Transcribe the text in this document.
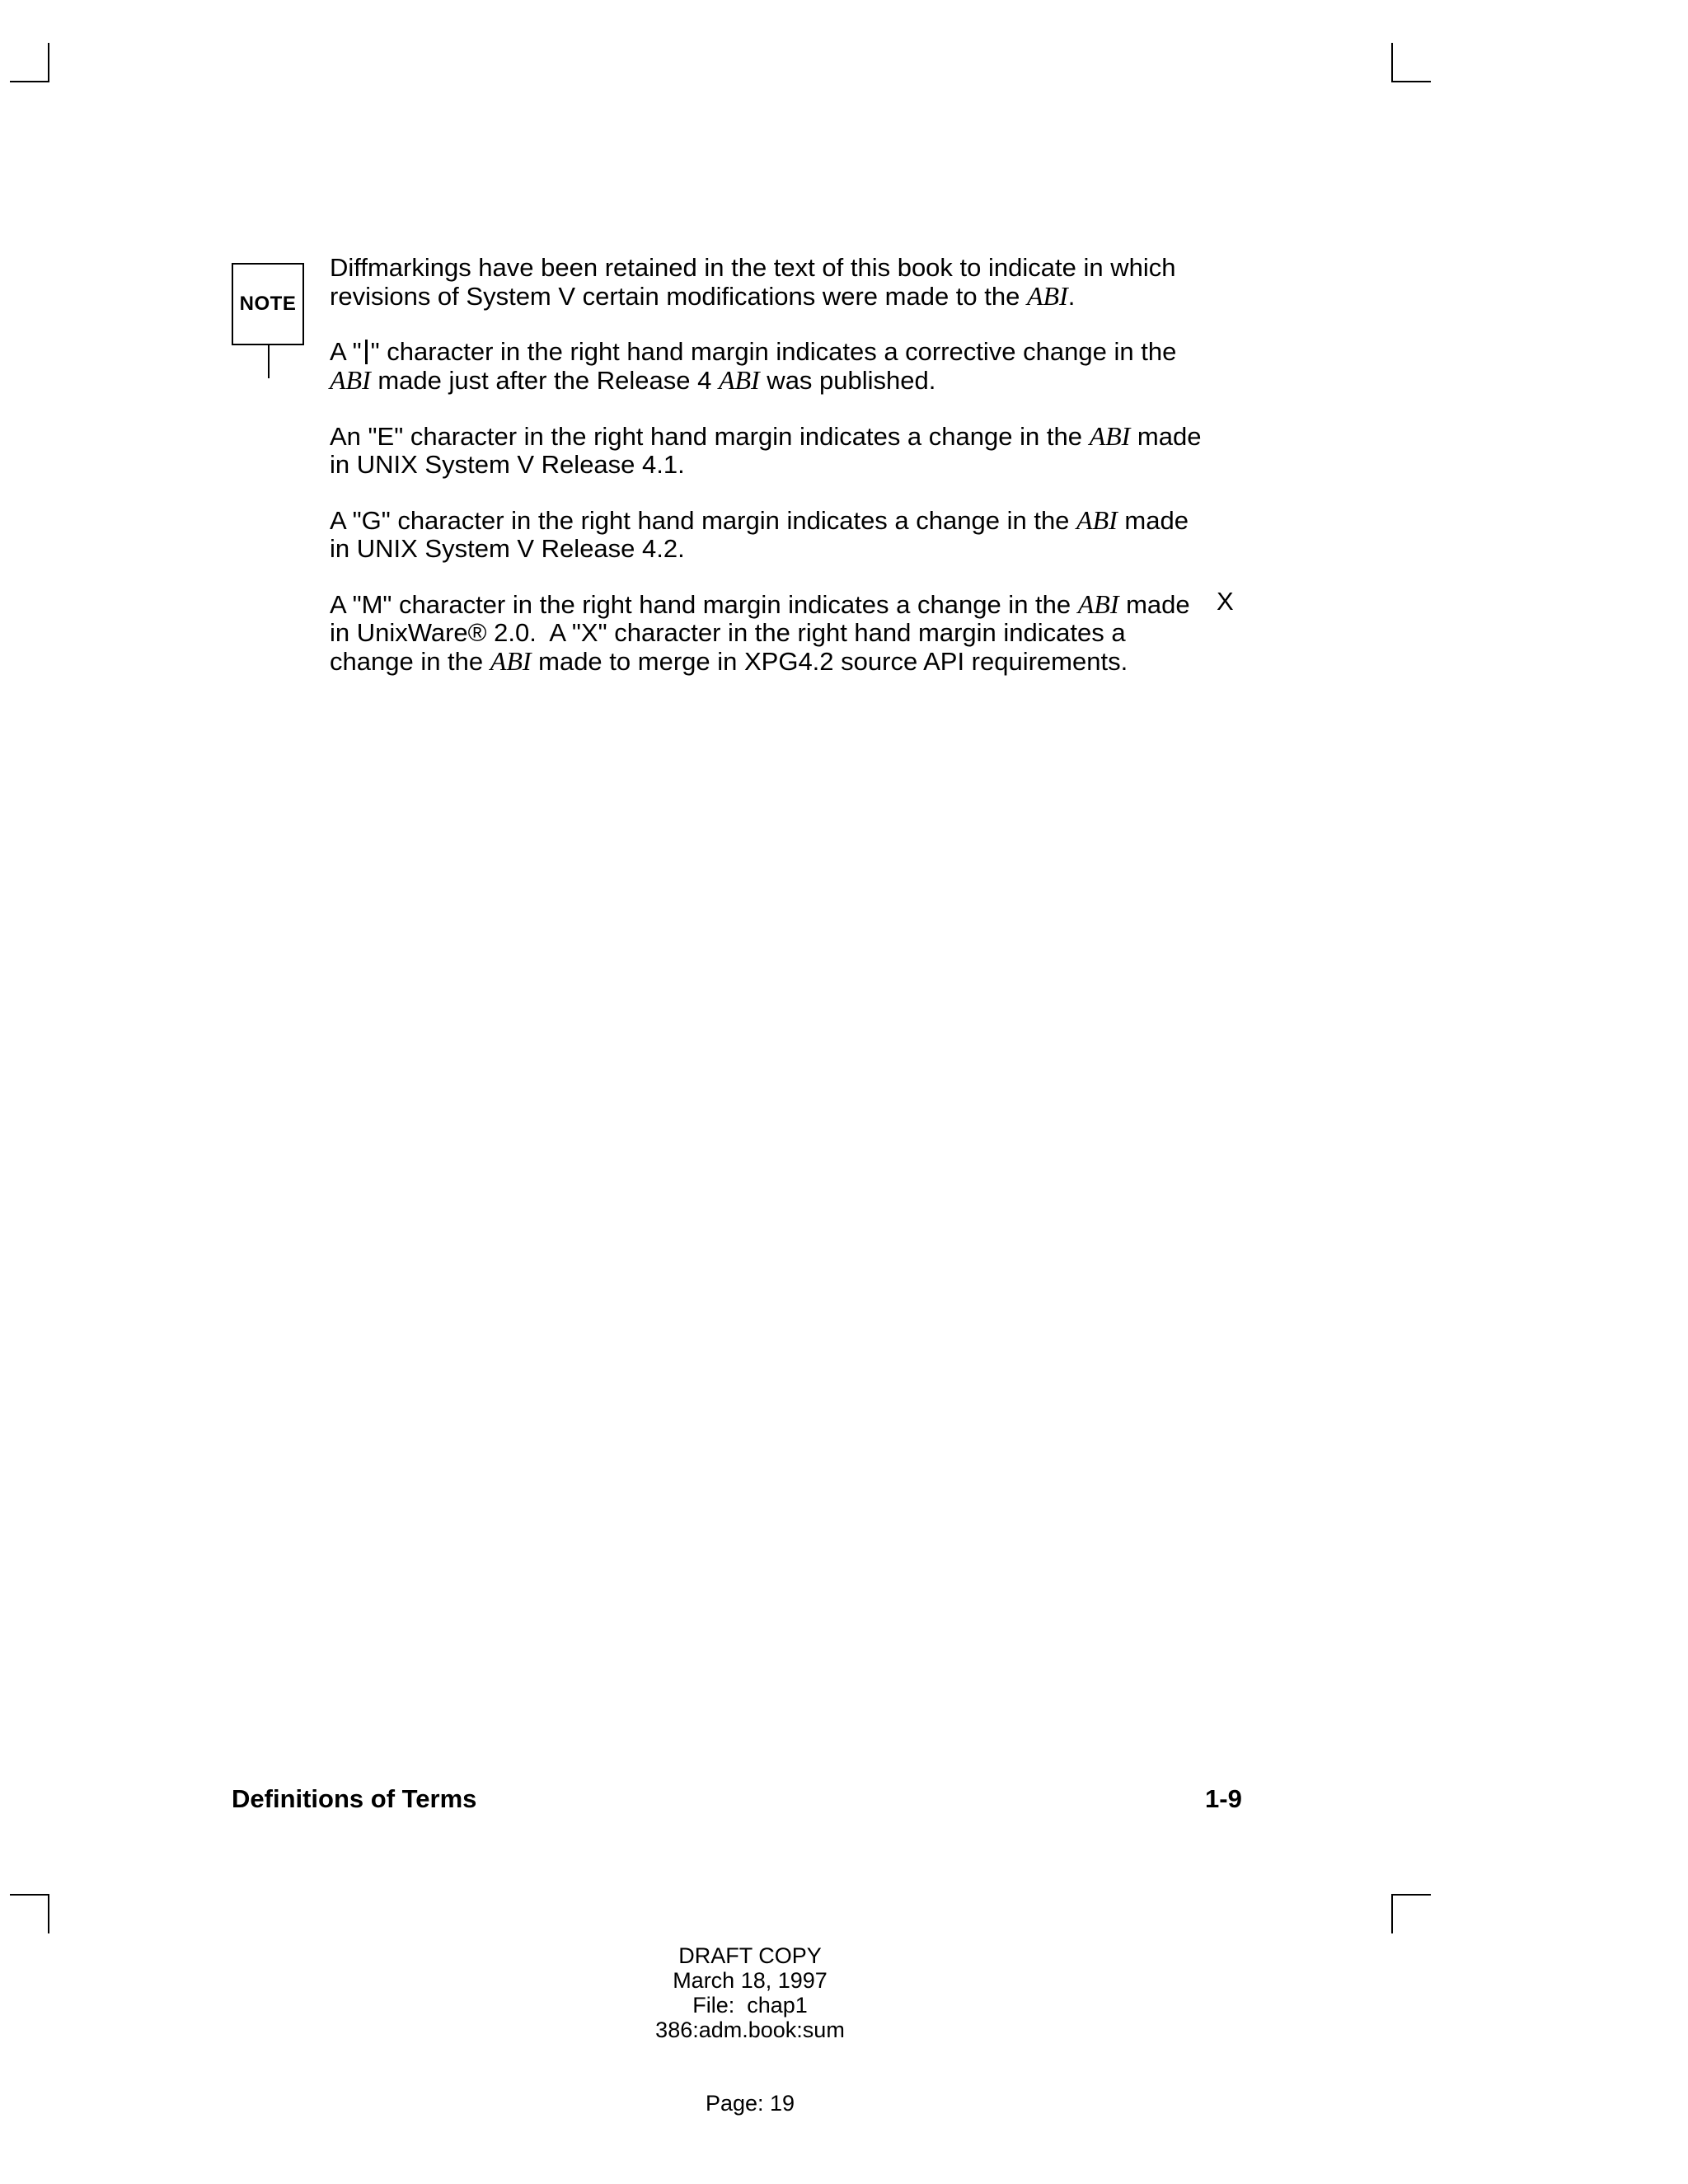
NOTE

Diffmarkings have been retained in the text of this book to indicate in which
revisions of System V certain modifications were made to the ABI.

A " " character in the right hand margin indicates a corrective change in the
ABI made just after the Release 4 ABI was published.

An "E" character in the right hand margin indicates a change in the ABI made
in UNIX System V Release 4.1.

A "G" character in the right hand margin indicates a change in the ABI made
in UNIX System V Release 4.2.

A "M" character in the right hand margin indicates a change in the ABI made
in UnixWare® 2.0.  A "X" character in the right hand margin indicates a
change in the ABI made to merge in XPG4.2 source API requirements.

X
Definitions of Terms	1-9
DRAFT COPY
March 18, 1997
File:  chap1
386:adm.book:sum
Page: 19
